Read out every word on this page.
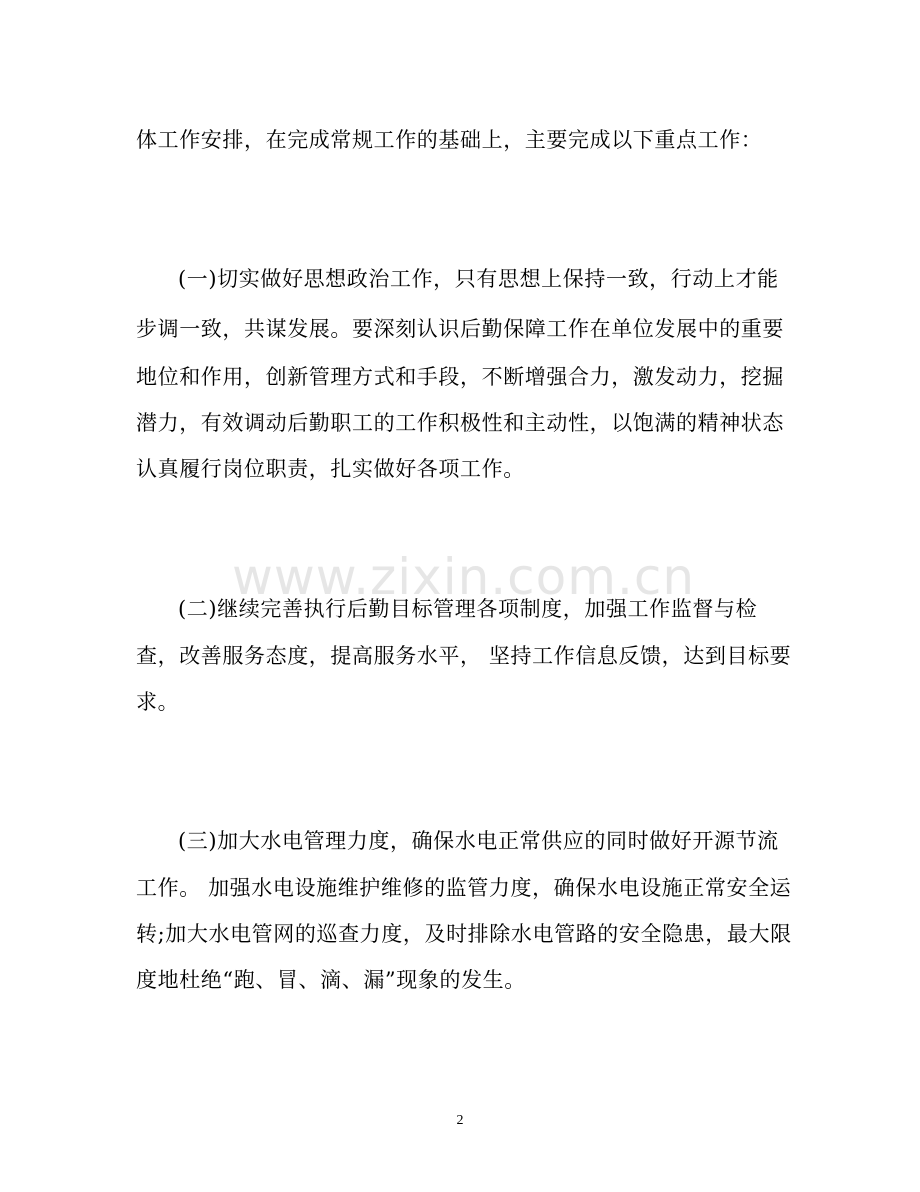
www.zixin.com.cn
体工作安排，在完成常规工作的基础上，主要完成以下重点工作：
(一)切实做好思想政治工作，只有思想上保持一致，行动上才能
步调一致，共谋发展。要深刻认识后勤保障工作在单位发展中的重要
地位和作用，创新管理方式和手段，不断增强合力，激发动力，挖掘
潜力，有效调动后勤职工的工作积极性和主动性，以饱满的精神状态
认真履行岗位职责，扎实做好各项工作。
(二)继续完善执行后勤目标管理各项制度，加强工作监督与检
查，改善服务态度，提高服务水平， 坚持工作信息反馈，达到目标要
求。
(三)加大水电管理力度，确保水电正常供应的同时做好开源节流
工作。 加强水电设施维护维修的监管力度，确保水电设施正常安全运
转;加大水电管网的巡查力度，及时排除水电管路的安全隐患，最大限
度地杜绝“跑、冒、滴、漏”现象的发生。
2
